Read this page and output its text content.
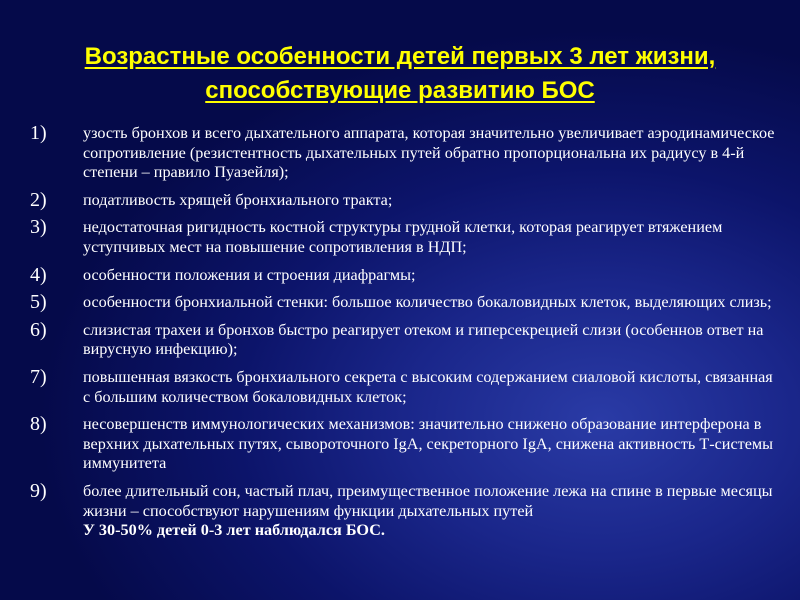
Возрастные особенности детей первых 3 лет жизни,
способствующие развитию БОС
1)	узость бронхов и всего дыхательного аппарата, которая значительно увеличивает аэродинамическое сопротивление (резистентность дыхательных путей обратно пропорциональна их радиусу в 4-й степени – правило Пуазейля);
2)	податливость хрящей бронхиального тракта;
3)	недостаточная ригидность костной структуры грудной клетки, которая реагирует втяжением уступчивых мест на повышение сопротивления в НДП;
4)	особенности положения и строения диафрагмы;
5)	особенности бронхиальной стенки: большое количество бокаловидных клеток, выделяющих слизь;
6)	слизистая трахеи и бронхов быстро реагирует отеком и гиперсекрецией слизи (особеннов ответ на вирусную инфекцию);
7)	повышенная вязкость бронхиального секрета с высоким содержанием сиаловой кислоты, связанная с большим количеством бокаловидных клеток;
8)	несовершенств иммунологических механизмов: значительно снижено образование интерферона в верхних дыхательных путях, сывороточного IgA, секреторного IgA, снижена активность Т-системы иммунитета
9)	более длительный сон, частый плач, преимущественное положение лежа на спине в первые месяцы жизни – способствуют нарушениям функции дыхательных путей
У 30-50% детей 0-3 лет наблюдался БОС.
